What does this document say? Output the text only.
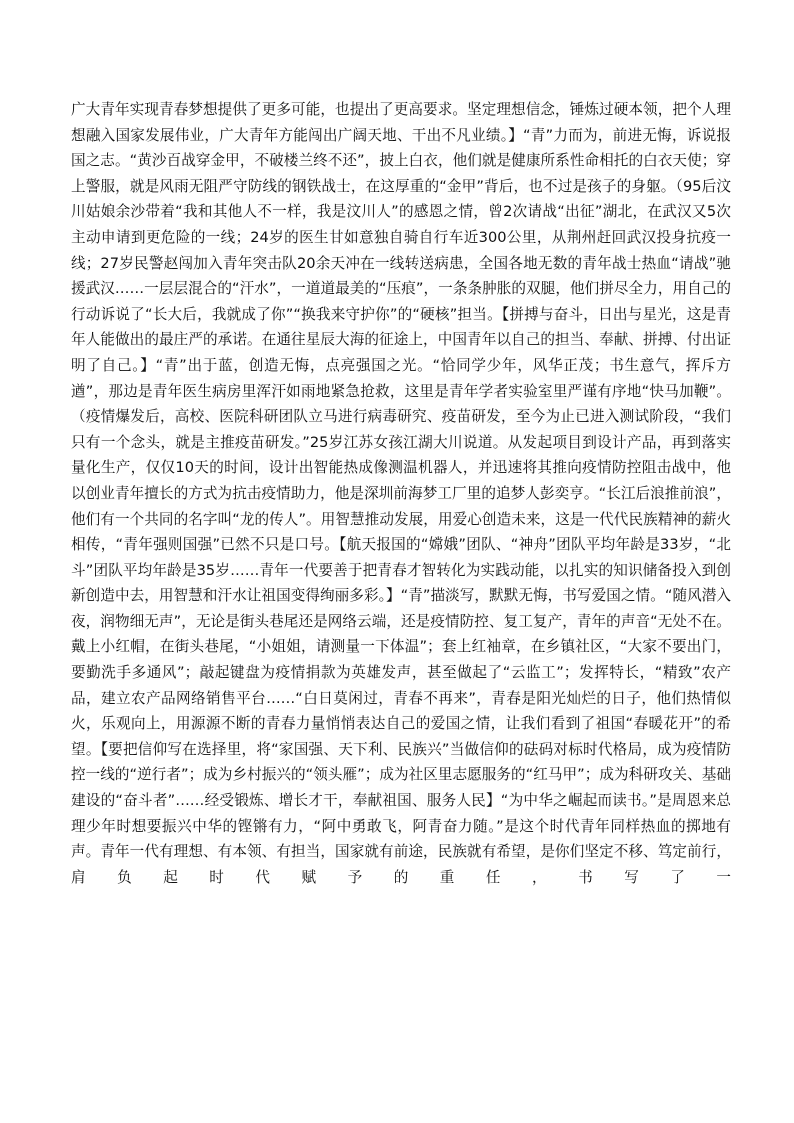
广大青年实现青春梦想提供了更多可能，也提出了更高要求。坚定理想信念，锤炼过硬本领，把个人理想融入国家发展伟业，广大青年方能闯出广阔天地、干出不凡业绩。】“青”力而为，前进无悔，诉说报国之志。“黄沙百战穿金甲，不破楼兰终不还”，披上白衣，他们就是健康所系性命相托的白衣天使；穿上警服，就是风雨无阻严守防线的钢铁战士，在这厚重的“金甲”背后，也不过是孩子的身躯。（95后汶川姑娘余沙带着“我和其他人不一样，我是汶川人”的感恩之情，曾2次请战“出征”湖北，在武汉又5次主动申请到更危险的一线；24岁的医生甘如意独自骑自行车近300公里，从荆州赶回武汉投身抗疫一线；27岁民警赵闯加入青年突击队20余天冲在一线转送病患，全国各地无数的青年战士热血“请战”驰援武汉……一层层混合的“汗水”，一道道最美的“压痕”，一条条肿胀的双腿，他们拼尽全力，用自己的行动诉说了“长大后，我就成了你”“换我来守护你”的“硬核”担当。【拼搏与奋斗，日出与星光，这是青年人能做出的最庄严的承诺。在通往星辰大海的征途上，中国青年以自己的担当、奉献、拼搏、付出证明了自己。】“青”出于蓝，创造无悔，点亮强国之光。“恰同学少年，风华正茂；书生意气，挥斥方遒”，那边是青年医生病房里浑汗如雨地紧急抢救，这里是青年学者实验室里严谨有序地“快马加鞭”。（疫情爆发后，高校、医院科研团队立马进行病毒研究、疫苗研发，至今为止已进入测试阶段，“我们只有一个念头，就是主推疫苗研发。”25岁江苏女孩江湖大川说道。从发起项目到设计产品，再到落实量化生产，仅仅10天的时间，设计出智能热成像测温机器人，并迅速将其推向疫情防控阻击战中，他以创业青年擅长的方式为抗击疫情助力，他是深圳前海梦工厂里的追梦人彭奕亨。“长江后浪推前浪”，他们有一个共同的名字叫“龙的传人”。用智慧推动发展，用爱心创造未来，这是一代代民族精神的薪火相传，“青年强则国强”已然不只是口号。【航天报国的“嫦娥”团队、“神舟”团队平均年龄是33岁，“北斗”团队平均年龄是35岁……青年一代要善于把青春才智转化为实践动能，以扎实的知识储备投入到创新创造中去，用智慧和汗水让祖国变得绚丽多彩。】“青”描淡写，默默无悔，书写爱国之情。“随风潜入夜，润物细无声”，无论是街头巷尾还是网络云端，还是疫情防控、复工复产，青年的声音“无处不在。戴上小红帽，在街头巷尾，“小姐姐，请测量一下体温”；套上红袖章，在乡镇社区，“大家不要出门，要勤洗手多通风”；敲起键盘为疫情捐款为英雄发声，甚至做起了“云监工”；发挥特长，“精致”农产品，建立农产品网络销售平台……“白日莫闲过，青春不再来”，青春是阳光灿烂的日子，他们热情似火，乐观向上，用源源不断的青春力量悄悄表达自己的爱国之情，让我们看到了祖国“春暖花开”的希望。【要把信仰写在选择里，将“家国强、天下利、民族兴”当做信仰的砝码对标时代格局，成为疫情防控一线的“逆行者”；成为乡村振兴的“领头雁”；成为社区里志愿服务的“红马甲”；成为科研攻关、基础建设的“奋斗者”……经受锻炼、增长才干，奉献祖国、服务人民】“为中华之崛起而读书。”是周恩来总理少年时想要振兴中华的铿锵有力，“阿中勇敢飞，阿青奋力随。”是这个时代青年同样热血的掷地有声。青年一代有理想、有本领、有担当，国家就有前途，民族就有希望，是你们坚定不移、笃定前行，肩负起时代赋予的重任，书写了一
